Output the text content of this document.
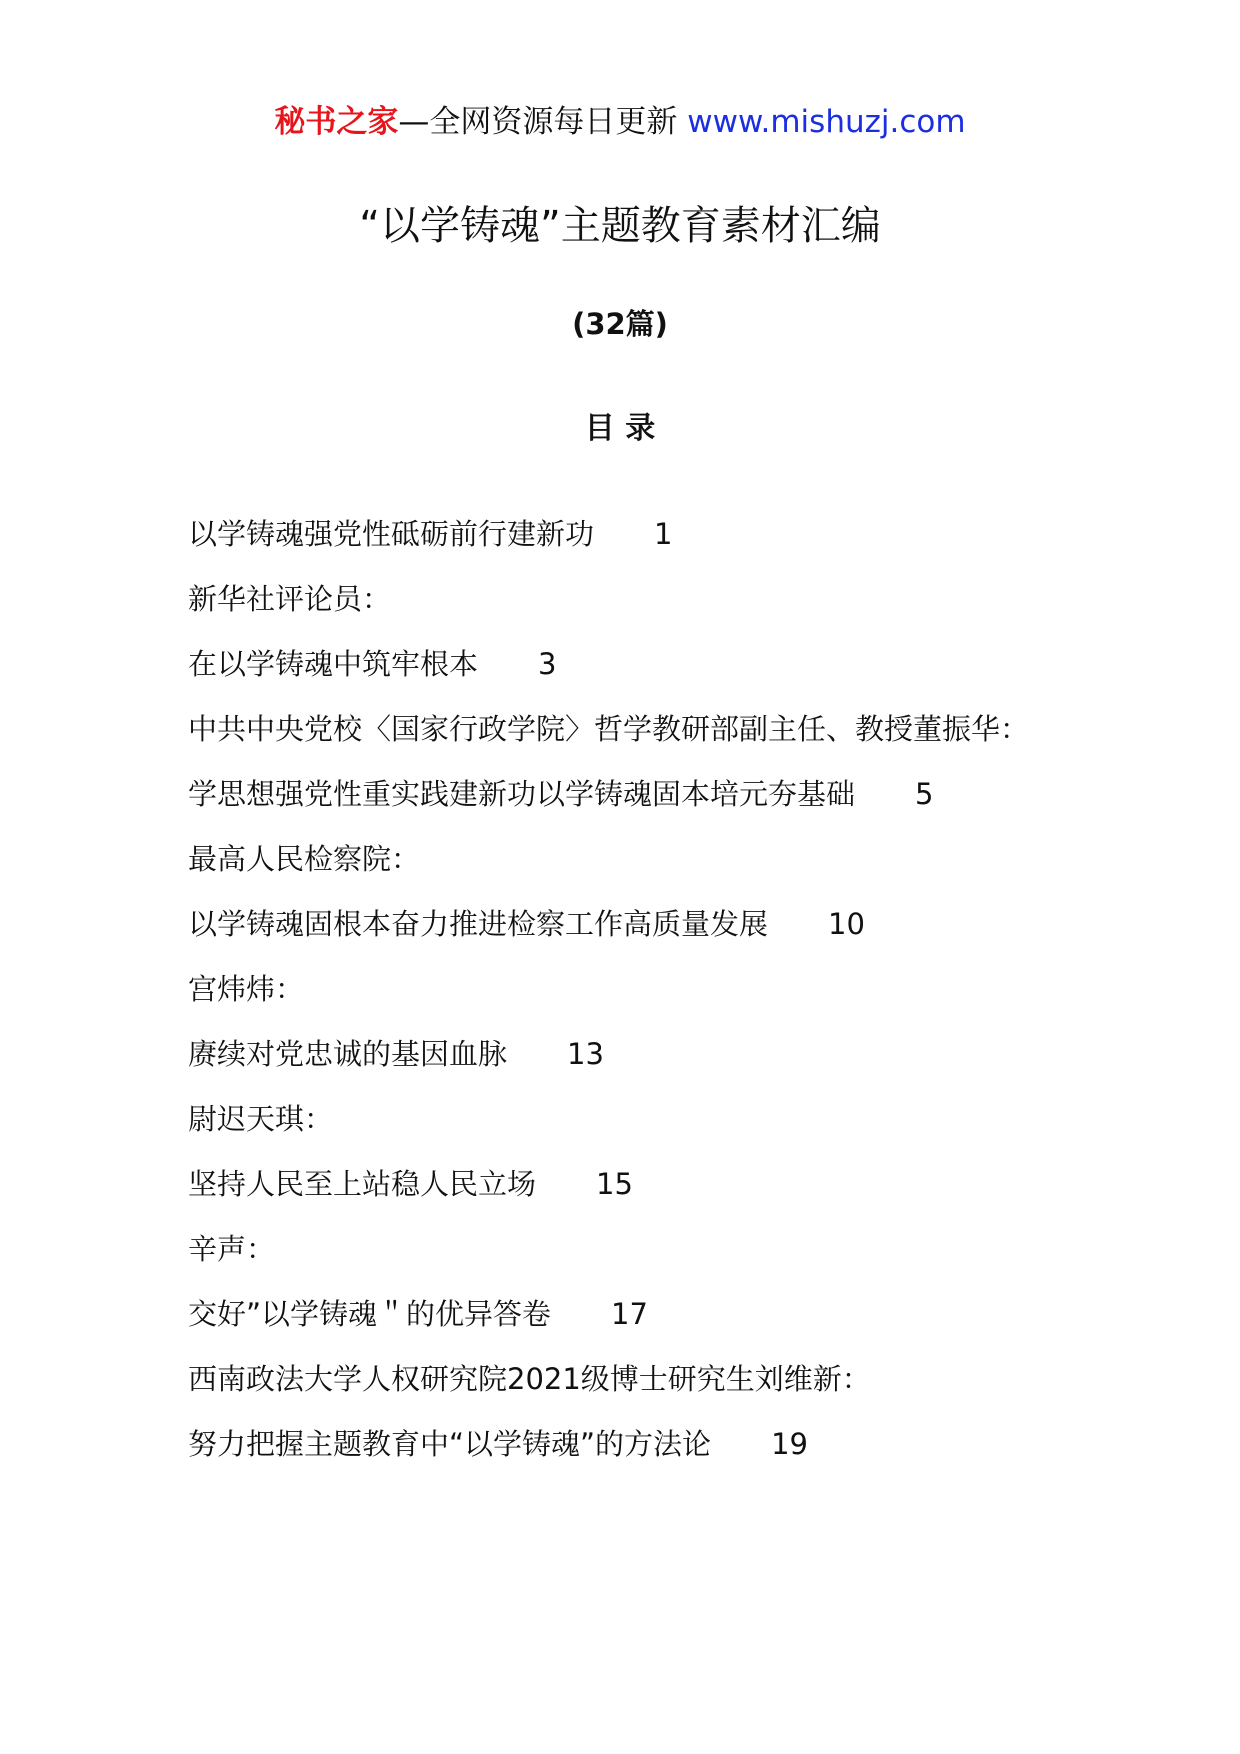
秘书之家—全网资源每日更新 www.mishuzj.com
“以学铸魂”主题教育素材汇编
(32篇)
目 录
以学铸魂强党性砥砺前行建新功 1
新华社评论员：
在以学铸魂中筑牢根本 3
中共中央党校〈国家行政学院〉哲学教研部副主任、教授董振华：
学思想强党性重实践建新功以学铸魂固本培元夯基础 5
最高人民检察院：
以学铸魂固根本奋力推进检察工作高质量发展 10
宫炜炜：
赓续对党忠诚的基因血脉 13
尉迟天琪：
坚持人民至上站稳人民立场 15
辛声：
交好”以学铸魂＂的优异答卷 17
西南政法大学人权研究院2021级博士研究生刘维新：
努力把握主题教育中“以学铸魂”的方法论 19
